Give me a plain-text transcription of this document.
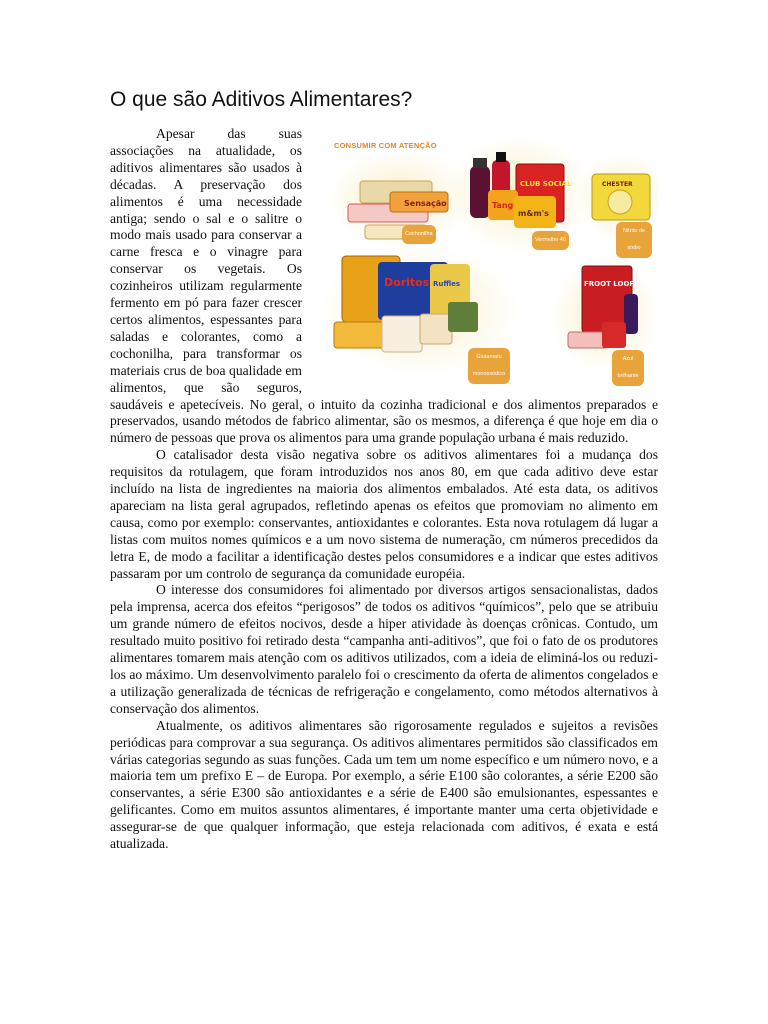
O que são Aditivos Alimentares?
CONSUMIR COM ATENÇÃO
Sensação
CLUB SOCIAL
Tang
m&m's
CHESTER
Doritos Ruffles	FROOT LOOPS
Cochonilha
Vermelho 40
Nitrito de sódio
Glutamato monossódico
Azul brilhante

Apesar das suas associações na atualidade, os aditivos alimentares são usados à décadas. A preservação dos alimentos é uma necessidade antiga; sendo o sal e o salitre o modo mais usado para conservar a carne fresca e o vinagre para conservar os vegetais. Os cozinheiros utilizam regularmente fermento em pó para fazer crescer certos alimentos, espessantes para saladas e colorantes, como a cochonilha, para transformar os materiais crus de boa qualidade em alimentos, que são seguros, saudáveis e apetecíveis. No geral, o intuito da cozinha tradicional e dos alimentos preparados e preservados, usando métodos de fabrico alimentar, são os mesmos, a diferença é que hoje em dia o número de pessoas que prova os alimentos para uma grande população urbana é mais reduzido.

O catalisador desta visão negativa sobre os aditivos alimentares foi a mudança dos requisitos da rotulagem, que foram introduzidos nos anos 80, em que cada aditivo deve estar incluído na lista de ingredientes na maioria dos alimentos embalados. Até esta data, os aditivos apareciam na lista geral agrupados, refletindo apenas os efeitos que promoviam no alimento em causa, como por exemplo: conservantes, antioxidantes e colorantes. Esta nova rotulagem dá lugar a listas com muitos nomes químicos e a um novo sistema de numeração, cm números precedidos da letra E, de modo a facilitar a identificação destes pelos consumidores e a indicar que estes aditivos passaram por um controlo de segurança da comunidade européia.

O interesse dos consumidores foi alimentado por diversos artigos sensacionalistas, dados pela imprensa, acerca dos efeitos “perigosos” de todos os aditivos “químicos”, pelo que se atribuiu um grande número de efeitos nocivos, desde a hiper atividade às doenças crônicas. Contudo, um resultado muito positivo foi retirado desta “campanha anti-aditivos”, que foi o fato de os produtores alimentares tomarem mais atenção com os aditivos utilizados, com a ideia de eliminá-los ou reduzi-los ao máximo. Um desenvolvimento paralelo foi o crescimento da oferta de alimentos congelados e a utilização generalizada de técnicas de refrigeração e congelamento, como métodos alternativos à conservação dos alimentos.

Atualmente, os aditivos alimentares são rigorosamente regulados e sujeitos a revisões periódicas para comprovar a sua segurança. Os aditivos alimentares permitidos são classificados em várias categorias segundo as suas funções. Cada um tem um nome específico e um número novo, e a maioria tem um prefixo E – de Europa. Por exemplo, a série E100 são colorantes, a série E200 são conservantes, a série E300 são antioxidantes e a série de E400 são emulsionantes, espessantes e gelificantes. Como em muitos assuntos alimentares, é importante manter uma certa objetividade e assegurar-se de que qualquer informação, que esteja relacionada com aditivos, é exata e está atualizada.
